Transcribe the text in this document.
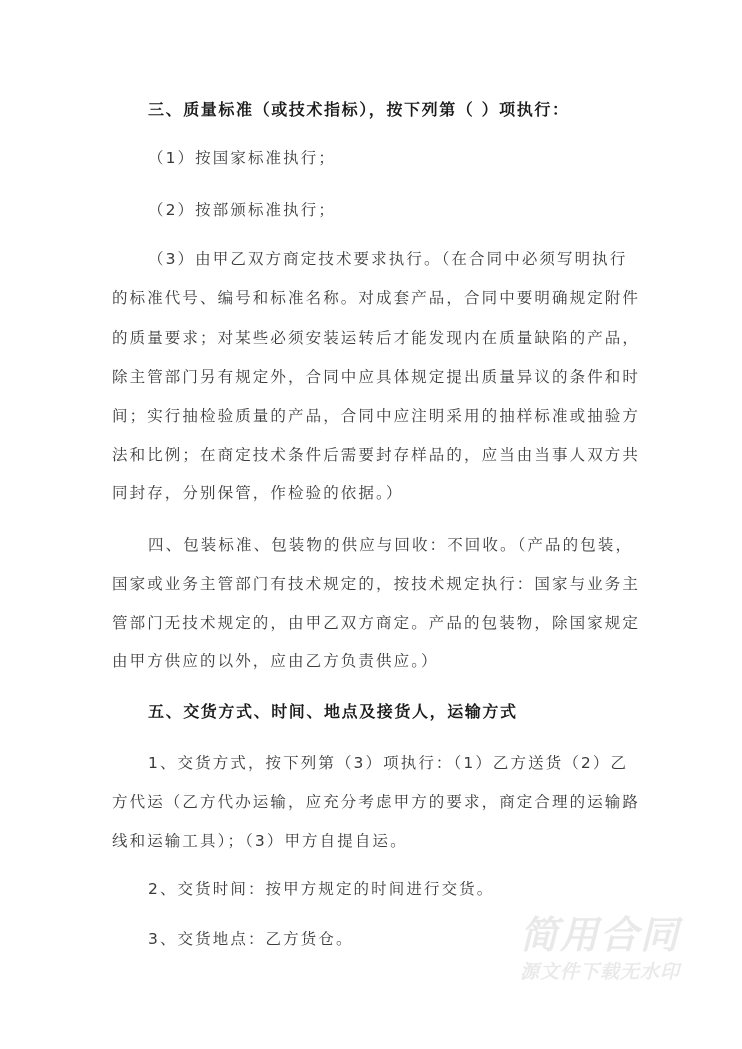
三、质量标准（或技术指标），按下列第（ ）项执行：
（1）按国家标准执行；
（2）按部颁标准执行；
（3）由甲乙双方商定技术要求执行。（在合同中必须写明执行
的标准代号、编号和标准名称。对成套产品，合同中要明确规定附件
的质量要求；对某些必须安装运转后才能发现内在质量缺陷的产品，
除主管部门另有规定外，合同中应具体规定提出质量异议的条件和时
间；实行抽检验质量的产品，合同中应注明采用的抽样标准或抽验方
法和比例；在商定技术条件后需要封存样品的，应当由当事人双方共
同封存，分别保管，作检验的依据。）
四、包装标准、包装物的供应与回收：不回收。（产品的包装，
国家或业务主管部门有技术规定的，按技术规定执行：国家与业务主
管部门无技术规定的，由甲乙双方商定。产品的包装物，除国家规定
由甲方供应的以外，应由乙方负责供应。）
五、交货方式、时间、地点及接货人，运输方式
1、交货方式，按下列第（3）项执行：（1）乙方送货（2）乙
方代运（乙方代办运输，应充分考虑甲方的要求，商定合理的运输路
线和运输工具）；（3）甲方自提自运。
2、交货时间：按甲方规定的时间进行交货。
3、交货地点：乙方货仓。	简用合同
源文件下载无水印
